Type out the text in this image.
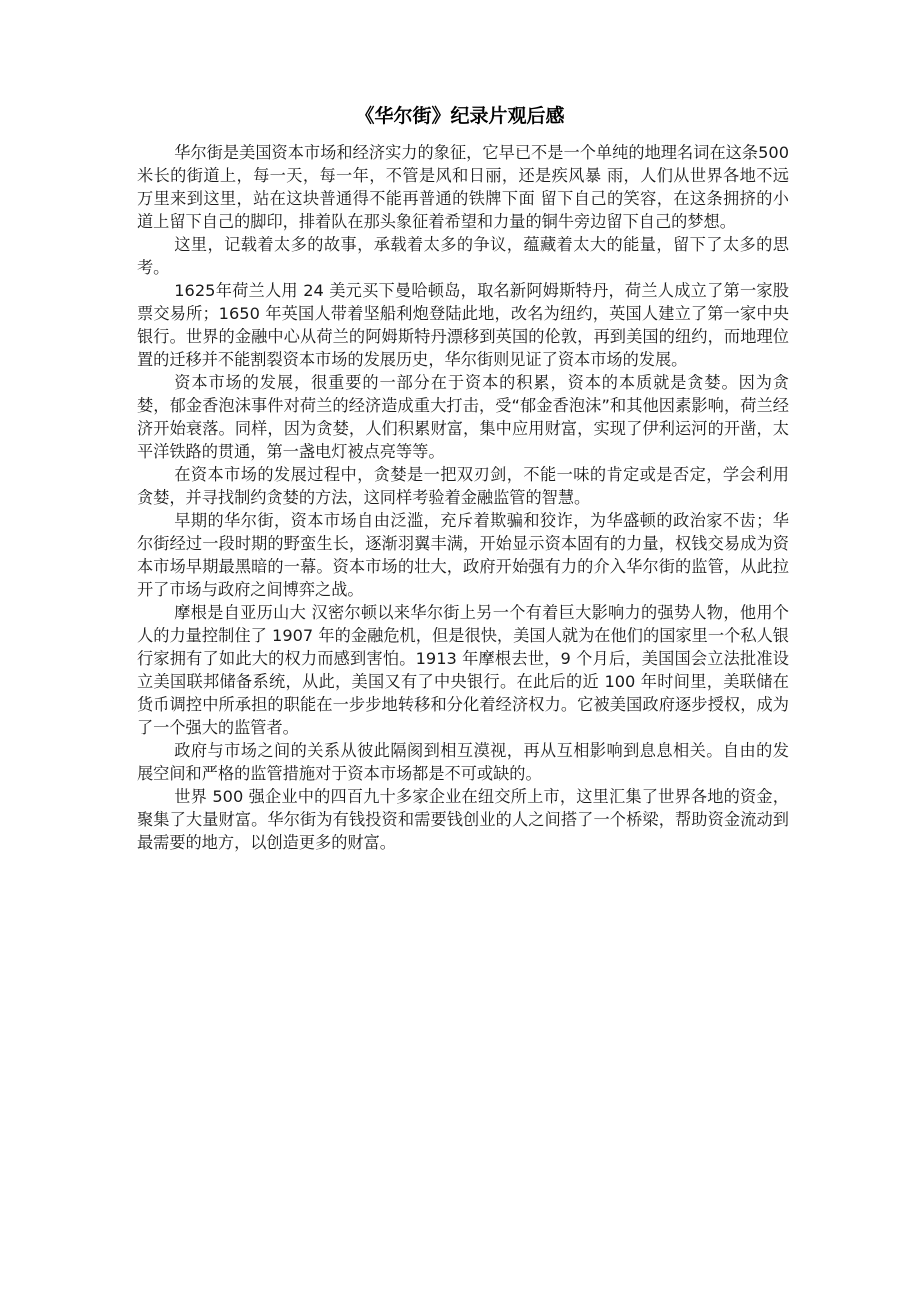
《华尔街》纪录片观后感

华尔街是美国资本市场和经济实力的象征，它早已不是一个单纯的地理名词在这条500 米长的街道上，每一天，每一年，不管是风和日丽，还是疾风暴 雨，人们从世界各地不远万里来到这里，站在这块普通得不能再普通的铁牌下面 留下自己的笑容，在这条拥挤的小道上留下自己的脚印，排着队在那头象征着希望和力量的铜牛旁边留下自己的梦想。

这里，记载着太多的故事，承载着太多的争议，蕴藏着太大的能量，留下了太多的思考。

1625年荷兰人用 24 美元买下曼哈顿岛，取名新阿姆斯特丹，荷兰人成立了第一家股票交易所；1650 年英国人带着坚船利炮登陆此地，改名为纽约，英国人建立了第一家中央银行。世界的金融中心从荷兰的阿姆斯特丹漂移到英国的伦敦，再到美国的纽约，而地理位置的迁移并不能割裂资本市场的发展历史，华尔街则见证了资本市场的发展。

资本市场的发展，很重要的一部分在于资本的积累，资本的本质就是贪婪。因为贪婪，郁金香泡沫事件对荷兰的经济造成重大打击，受“郁金香泡沫”和其他因素影响，荷兰经济开始衰落。同样，因为贪婪，人们积累财富，集中应用财富，实现了伊利运河的开凿，太平洋铁路的贯通，第一盏电灯被点亮等等。

在资本市场的发展过程中，贪婪是一把双刃剑，不能一味的肯定或是否定，学会利用贪婪，并寻找制约贪婪的方法，这同样考验着金融监管的智慧。

早期的华尔街，资本市场自由泛滥，充斥着欺骗和狡诈，为华盛顿的政治家不齿；华尔街经过一段时期的野蛮生长，逐渐羽翼丰满，开始显示资本固有的力量，权钱交易成为资本市场早期最黑暗的一幕。资本市场的壮大，政府开始强有力的介入华尔街的监管，从此拉开了市场与政府之间博弈之战。

摩根是自亚历山大 汉密尔顿以来华尔街上另一个有着巨大影响力的强势人物，他用个人的力量控制住了 1907 年的金融危机，但是很快，美国人就为在他们的国家里一个私人银行家拥有了如此大的权力而感到害怕。1913 年摩根去世，9 个月后，美国国会立法批准设立美国联邦储备系统，从此，美国又有了中央银行。在此后的近 100 年时间里，美联储在货币调控中所承担的职能在一步步地转移和分化着经济权力。它被美国政府逐步授权，成为了一个强大的监管者。

政府与市场之间的关系从彼此隔阂到相互漠视，再从互相影响到息息相关。自由的发展空间和严格的监管措施对于资本市场都是不可或缺的。

世界 500 强企业中的四百九十多家企业在纽交所上市，这里汇集了世界各地的资金，聚集了大量财富。华尔街为有钱投资和需要钱创业的人之间搭了一个桥梁，帮助资金流动到最需要的地方，以创造更多的财富。
